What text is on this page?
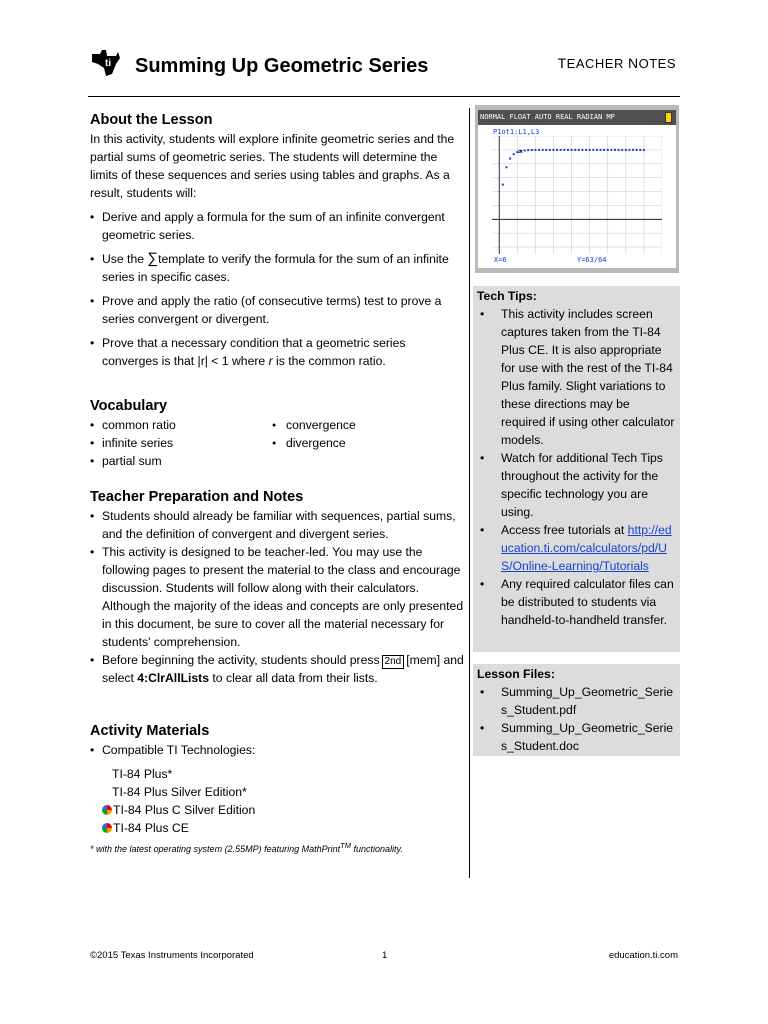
ti Summing Up Geometric Series	TEACHER NOTES
About the Lesson

In this activity, students will explore infinite geometric series and the partial sums of geometric series. The students will determine the limits of these sequences and series using tables and graphs. As a result, students will:

• Derive and apply a formula for the sum of an infinite convergent geometric series.
• Use the ∑template to verify the formula for the sum of an infinite series in specific cases.
• Prove and apply the ratio (of consecutive terms) test to prove a series convergent or divergent.
• Prove that a necessary condition that a geometric series converges is that |r| < 1 where r is the common ratio.
Vocabulary
• common ratio
• infinite series
• partial sum
● convergence
● divergence
Teacher Preparation and Notes
• Students should already be familiar with sequences, partial sums, and the definition of convergent and divergent series.
• This activity is designed to be teacher-led. You may use the following pages to present the material to the class and encourage discussion. Students will follow along with their calculators. Although the majority of the ideas and concepts are only presented in this document, be sure to cover all the material necessary for students' comprehension.
• Before beginning the activity, students should press 2nd [mem] and select 4:ClrAllLists to clear all data from their lists.
Activity Materials
• Compatible TI Technologies:
TI-84 Plus*
TI-84 Plus Silver Edition*
TI-84 Plus C Silver Edition
TI-84 Plus CE
* with the latest operating system (2.55MP) featuring MathPrint™ functionality.
NORMAL FLOAT AUTO REAL RADIAN MP
P1ot1:L1,L3
⌗
X=6	Y=63/64
Tech Tips:
• This activity includes screen captures taken from the TI-84 Plus CE. It is also appropriate for use with the rest of the TI-84 Plus family. Slight variations to these directions may be required if using other calculator models.
• Watch for additional Tech Tips throughout the activity for the specific technology you are using.
• Access free tutorials at http://education.ti.com/calculators/pd/US/Online-Learning/Tutorials
• Any required calculator files can be distributed to students via handheld-to-handheld transfer.
Lesson Files:
• Summing_Up_Geometric_Series_Student.pdf
• Summing_Up_Geometric_Series_Student.doc
©2015 Texas Instruments Incorporated	1	education.ti.com
